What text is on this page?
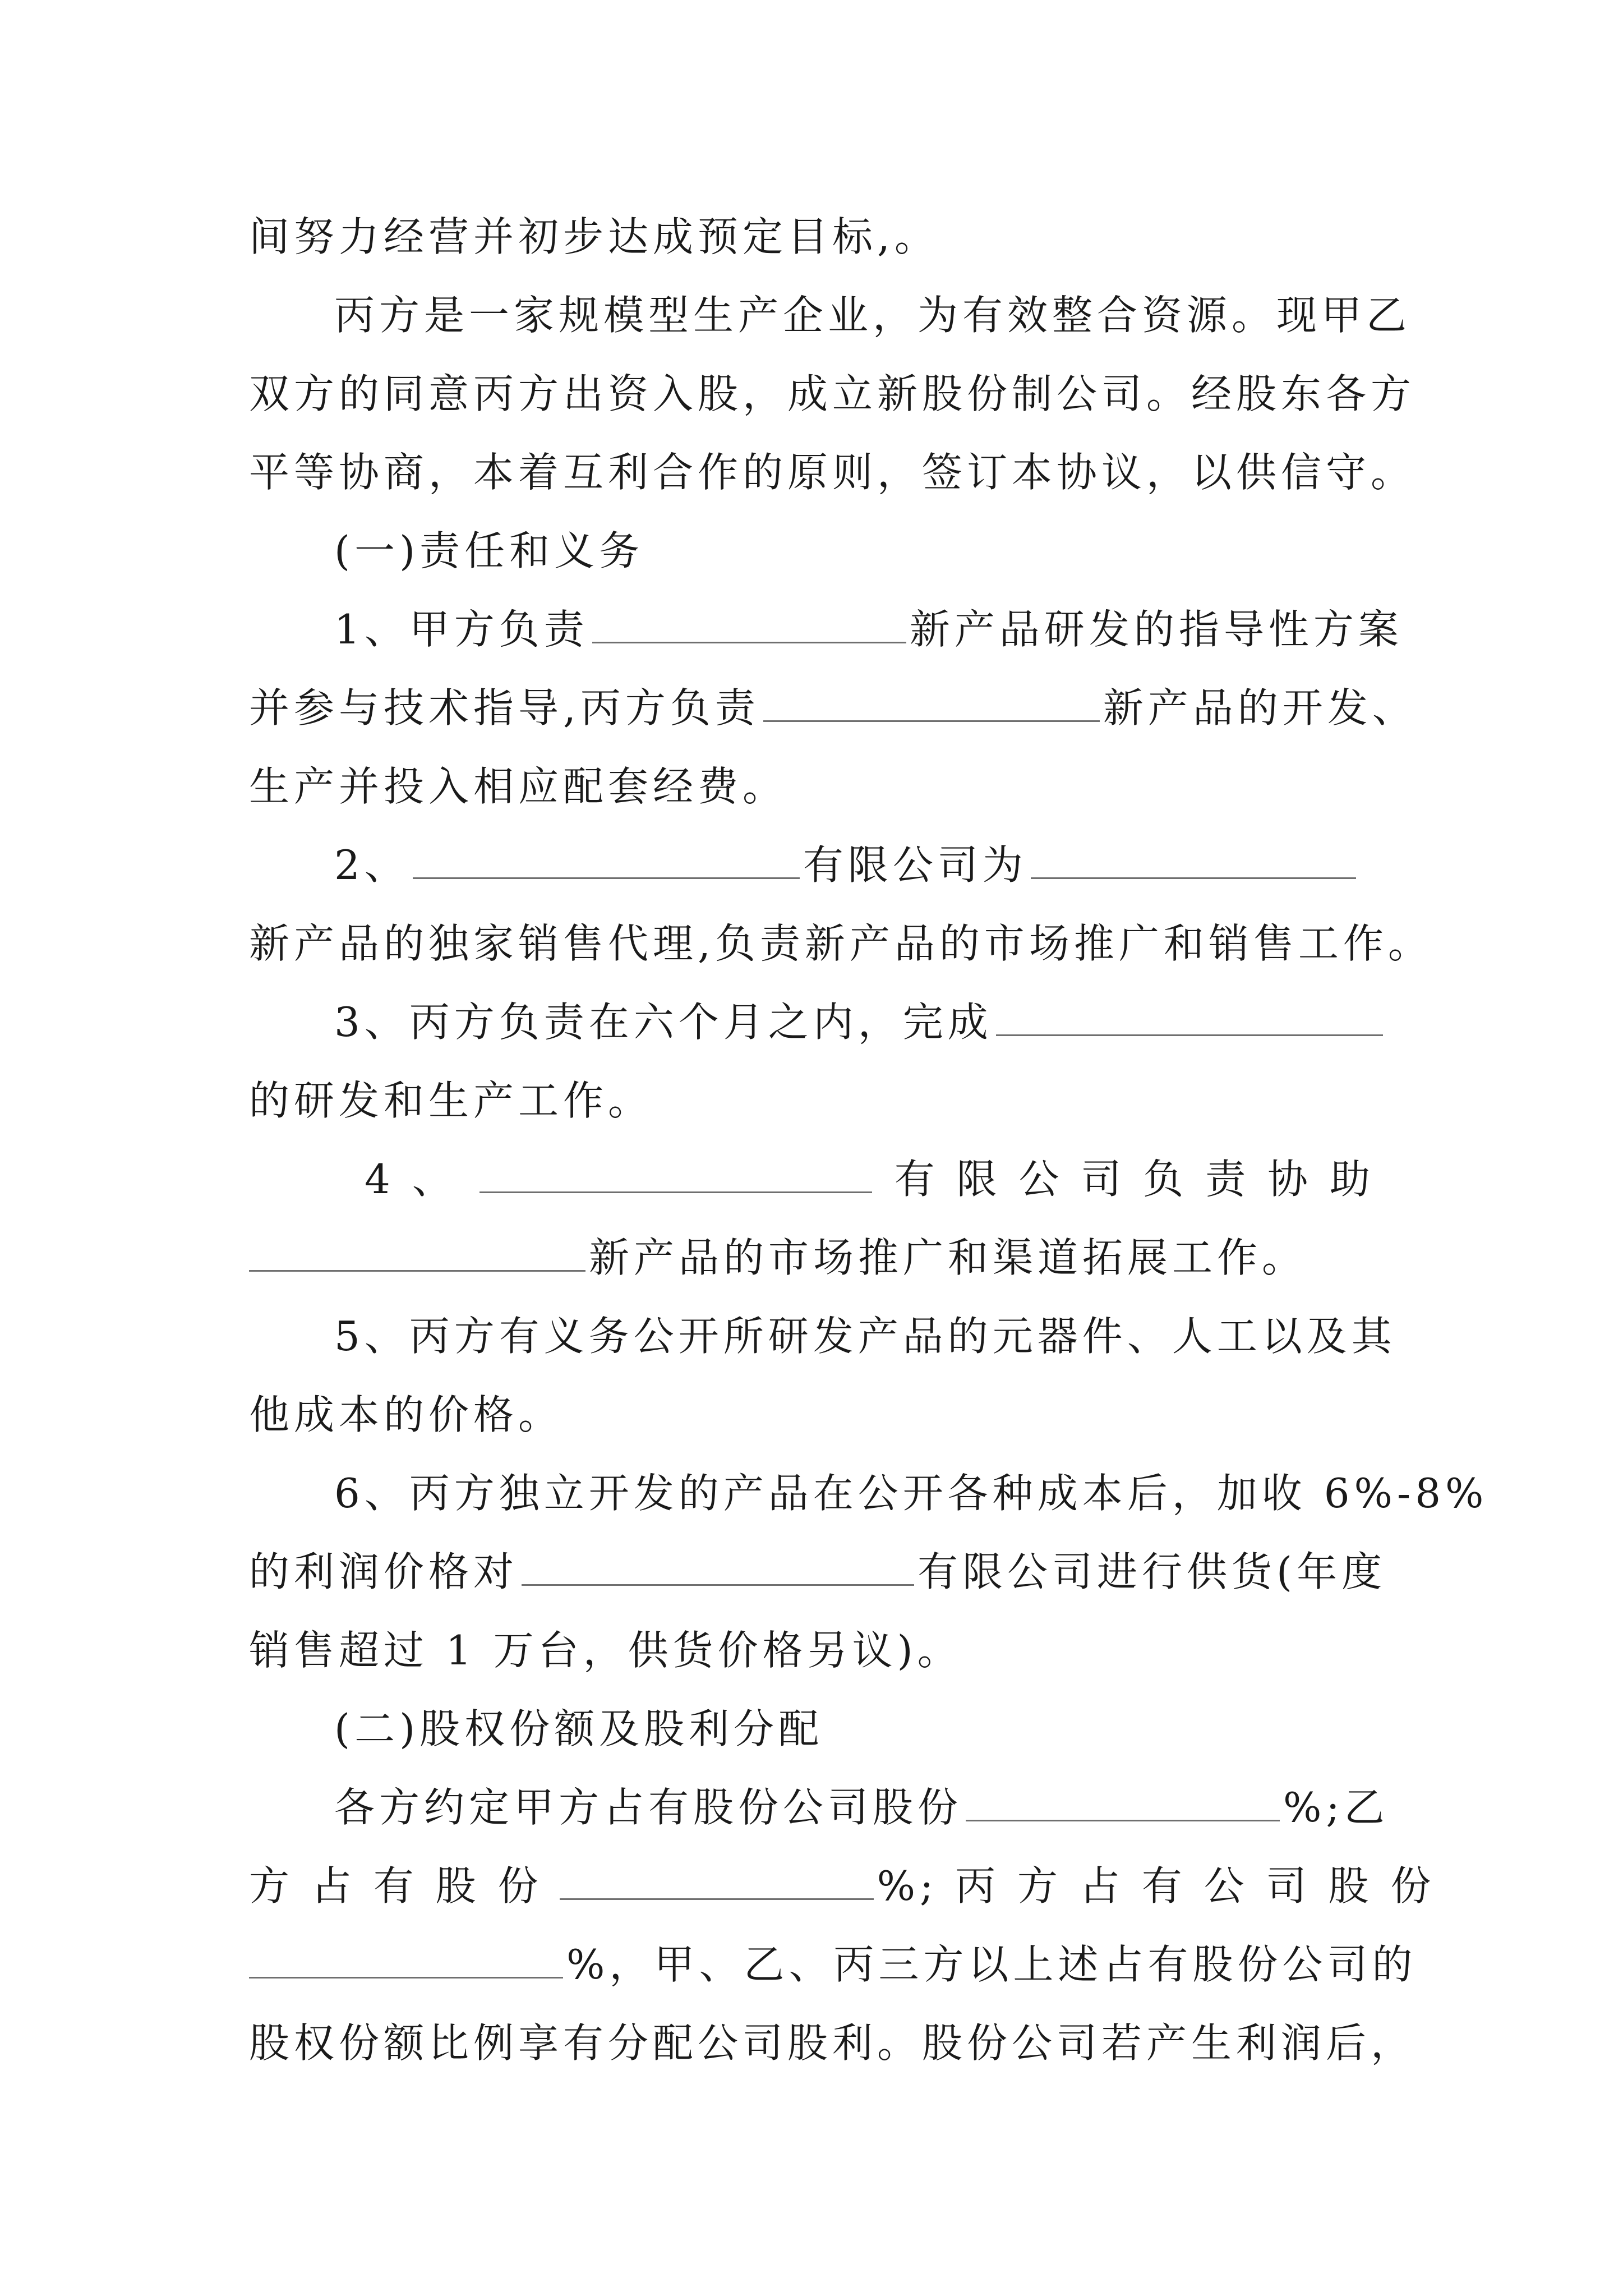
间努力经营并初步达成预定目标,。
丙方是一家规模型生产企业，为有效整合资源。现甲乙
双方的同意丙方出资入股，成立新股份制公司。经股东各方
平等协商，本着互利合作的原则，签订本协议，以供信守。
(一)责任和义务
1、甲方负责	新产品研发的指导性方案
并参与技术指导,丙方负责	新产品的开发、
生产并投入相应配套经费。
2、	有限公司为
新产品的独家销售代理,负责新产品的市场推广和销售工作。
3、丙方负责在六个月之内，完成
的研发和生产工作。
4 、	有 限 公 司 负 责 协 助
新产品的市场推广和渠道拓展工作。
5、丙方有义务公开所研发产品的元器件、人工以及其
他成本的价格。
6、丙方独立开发的产品在公开各种成本后，加收 6%-8%
的利润价格对	有限公司进行供货(年度
销售超过 1 万台，供货价格另议)。
(二)股权份额及股利分配
各方约定甲方占有股份公司股份	%;乙
方 占 有 股 份	%; 丙 方 占 有 公 司 股 份
%，甲、乙、丙三方以上述占有股份公司的
股权份额比例享有分配公司股利。股份公司若产生利润后，
